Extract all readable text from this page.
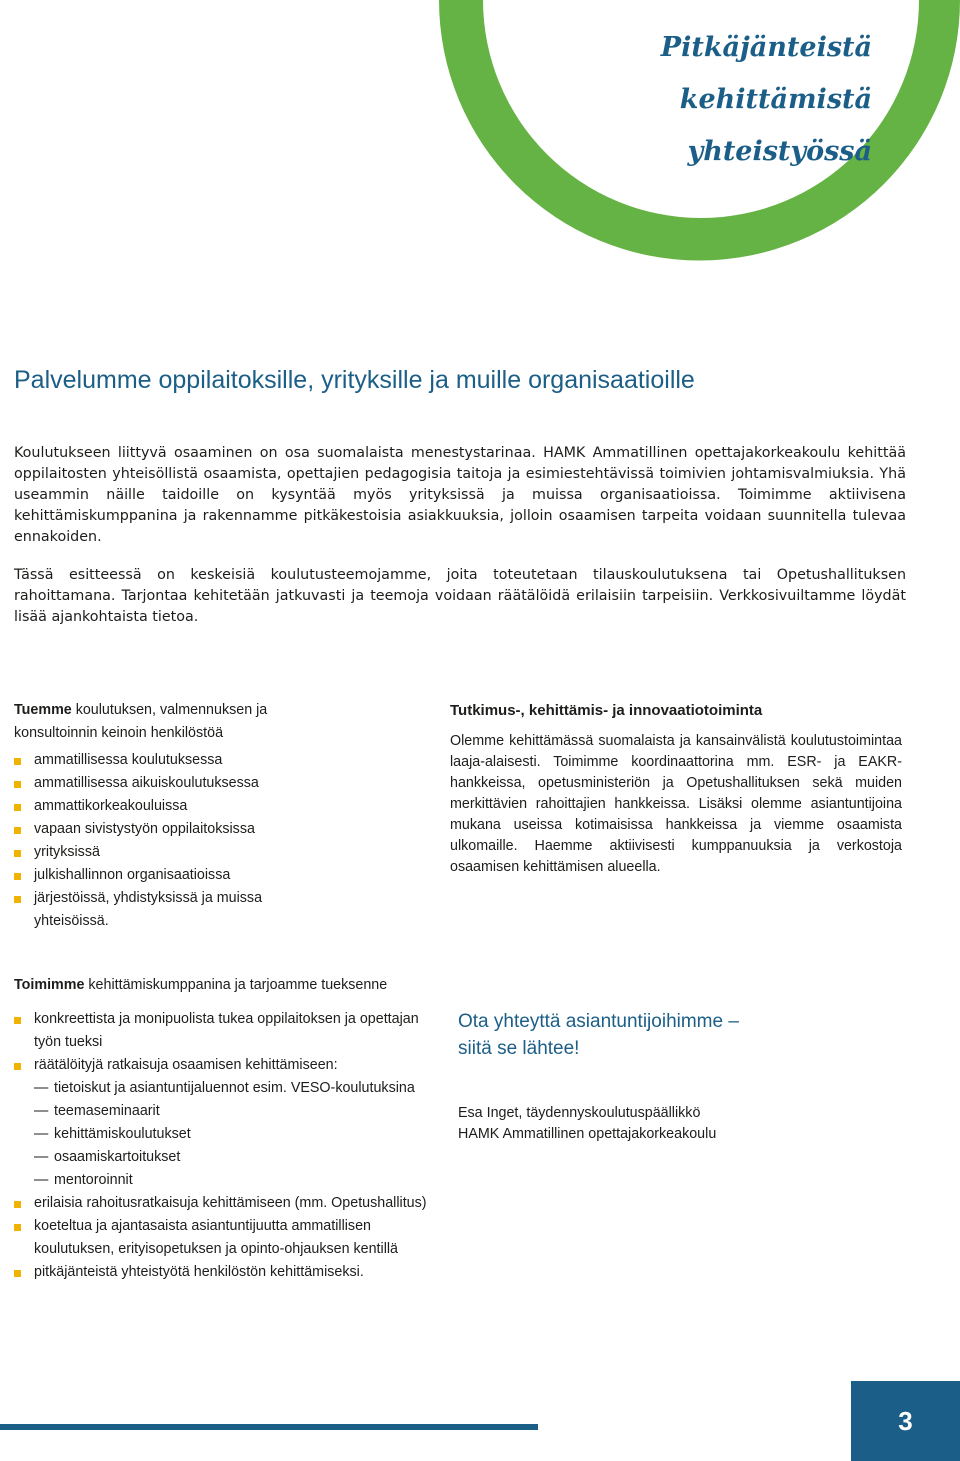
Pitkäjänteistä
kehittämistä
yhteistyössä
Palvelumme oppilaitoksille, yrityksille ja muille organisaatioille

Koulutukseen liittyvä osaaminen on osa suomalaista menestystarinaa. HAMK Ammatillinen opettajakorkeakoulu kehittää oppilaitosten yhteisöllistä osaamista, opettajien pedagogisia taitoja ja esimiestehtävissä toimivien johtamisvalmiuksia. Yhä useammin näille taidoille on kysyntää myös yrityksissä ja muissa organisaatioissa. Toimimme aktiivisena kehittämiskumppanina ja rakennamme pitkäkestoisia asiakkuuksia, jolloin osaamisen tarpeita voidaan suunnitella tulevaa ennakoiden.

Tässä esitteessä on keskeisiä koulutusteemojamme, joita toteutetaan tilauskoulutuksena tai Opetushallituksen rahoittamana. Tarjontaa kehitetään jatkuvasti ja teemoja voidaan räätälöidä erilaisiin tarpeisiin. Verkkosivuiltamme löydät lisää ajankohtaista tietoa.

Tuemme koulutuksen, valmennuksen ja konsultoinnin keinoin henkilöstöä

ammatillisessa koulutuksessa
ammatillisessa aikuiskoulutuksessa
ammattikorkeakouluissa
vapaan sivistystyön oppilaitoksissa
yrityksissä
julkishallinnon organisaatioissa
järjestöissä, yhdistyksissä ja muissa yhteisöissä.
Tutkimus-, kehittämis- ja innovaatiotoiminta

Olemme kehittämässä suomalaista ja kansainvälistä koulutustoimintaa laaja-alaisesti. Toimimme koordinaattorina mm. ESR- ja EAKR-hankkeissa, opetusministeriön ja Opetushallituksen sekä muiden merkittävien rahoittajien hankkeissa. Lisäksi olemme asiantuntijoina mukana useissa kotimaisissa hankkeissa ja viemme osaamista ulkomaille. Haemme aktiivisesti kumppanuuksia ja verkostoja osaamisen kehittämisen alueella.

Toimimme kehittämiskumppanina ja tarjoamme tueksenne

konkreettista ja monipuolista tukea oppilaitoksen ja opettajan työn tueksi
räätälöityjä ratkaisuja osaamisen kehittämiseen:
— tietoiskut ja asiantuntijaluennot esim. VESO-koulutuksina
— teemaseminaarit
— kehittämiskoulutukset
— osaamiskartoitukset
— mentoroinnit
erilaisia rahoitusratkaisuja kehittämiseen (mm. Opetushallitus)
koeteltua ja ajantasaista asiantuntijuutta ammatillisen koulutuksen, erityisopetuksen ja opinto-ohjauksen kentillä
pitkäjänteistä yhteistyötä henkilöstön kehittämiseksi.
Ota yhteyttä asiantuntijoihimme –
siitä se lähtee!
Esa Inget, täydennyskoulutuspäällikkö
HAMK Ammatillinen opettajakorkeakoulu
3
